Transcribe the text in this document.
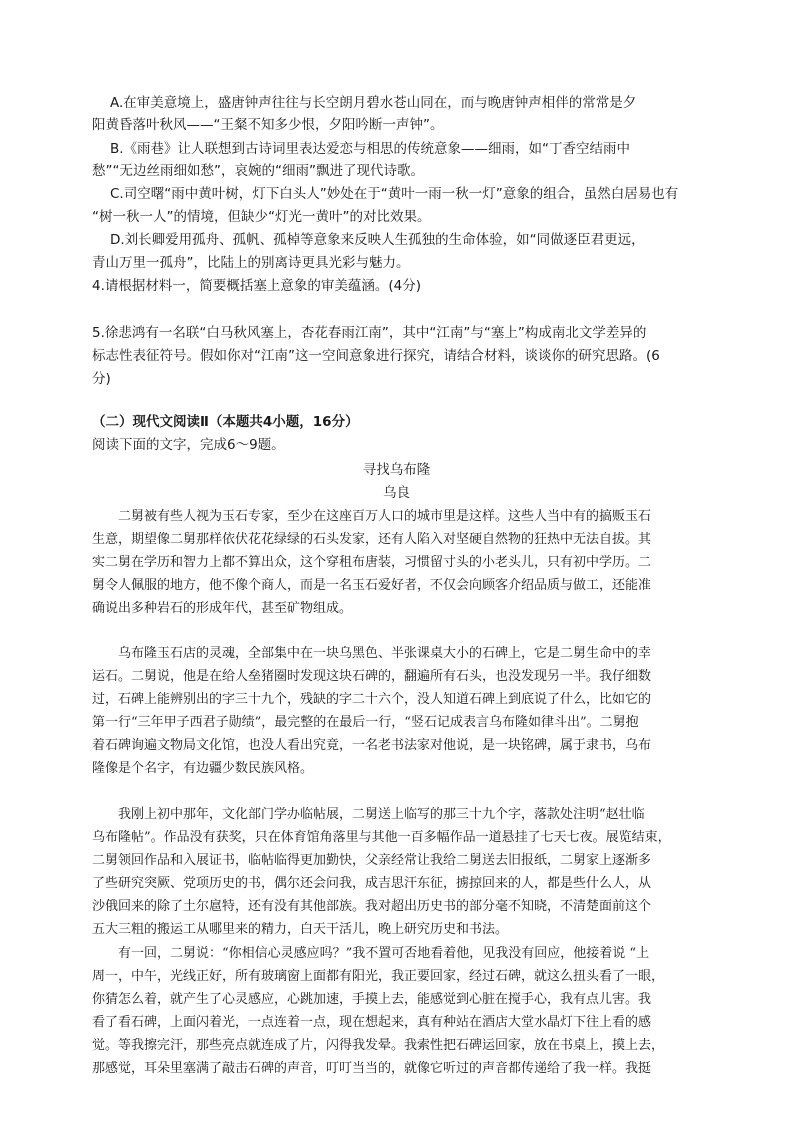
A.在审美意境上，盛唐钟声往往与长空朗月碧水苍山同在，而与晚唐钟声相伴的常常是夕
阳黄昏落叶秋风——“王粲不知多少恨，夕阳吟断一声钟”。
B.《雨巷》让人联想到古诗词里表达爱恋与相思的传统意象——细雨，如“丁香空结雨中
愁”“无边丝雨细如愁”，哀婉的“细雨”飘进了现代诗歌。
C.司空曙“雨中黄叶树，灯下白头人”妙处在于“黄叶一雨一秋一灯”意象的组合，虽然白居易也有
“树一秋一人”的情境，但缺少“灯光一黄叶”的对比效果。
D.刘长卿爱用孤舟、孤帆、孤棹等意象来反映人生孤独的生命体验，如“同做逐臣君更远，
青山万里一孤舟”，比陆上的别离诗更具光彩与魅力。
4.请根据材料一，简要概括塞上意象的审美蕴涵。(4分)
5.徐悲鸿有一名联“白马秋风塞上，杏花春雨江南”，其中“江南”与“塞上”构成南北文学差异的
标志性表征符号。假如你对“江南”这一空间意象进行探究，请结合材料，谈谈你的研究思路。(6
分)
（二）现代文阅读Ⅱ（本题共4小题，16分）
阅读下面的文字，完成6～9题。
寻找乌布隆
乌良
二舅被有些人视为玉石专家，至少在这座百万人口的城市里是这样。这些人当中有的搞贩玉石
生意，期望像二舅那样依伏花花绿绿的石头发家，还有人陷入对坚硬自然物的狂热中无法自拔。其
实二舅在学历和智力上都不算出众，这个穿租布唐装，习惯留寸头的小老头儿，只有初中学历。二
舅令人佩服的地方，他不像个商人，而是一名玉石爱好者，不仅会向顾客介绍品质与做工，还能准
确说出多种岩石的形成年代，甚至矿物组成。
乌布隆玉石店的灵魂，全部集中在一块乌黑色、半张课桌大小的石碑上，它是二舅生命中的幸
运石。二舅说，他是在给人垒猪圈时发现这块石碑的，翻遍所有石头，也没发现另一半。我仔细数
过，石碑上能辨别出的字三十九个，残缺的字二十六个，没人知道石碑上到底说了什么，比如它的
第一行“三年甲子西君子勋绩”，最完整的在最后一行，“竖石记成表言乌布隆如律斗出”。二舅抱
着石碑询遍文物局文化馆，也没人看出究竟，一名老书法家对他说，是一块铭碑，属于隶书，乌布
隆像是个名字，有边疆少数民族风格。
我刚上初中那年，文化部门学办临帖展，二舅送上临写的那三十九个字，落款处注明“赵壮临
乌布隆帖”。作品没有获奖，只在体育馆角落里与其他一百多幅作品一道悬挂了七天七夜。展览结束，
二舅领回作品和入展证书，临帖临得更加勤快，父亲经常让我给二舅送去旧报纸，二舅家上逐渐多
了些研究突厥、党项历史的书，偶尔还会问我，成吉思汗东征，掳掠回来的人，都是些什么人，从
沙俄回来的除了土尔扈特，还有没有其他部族。我对超出历史书的部分毫不知晓，不清楚面前这个
五大三粗的搬运工从哪里来的精力，白天干活儿，晚上研究历史和书法。
有一回，二舅说：“你相信心灵感应吗？”我不置可否地看着他，见我没有回应，他接着说 “上
周一，中午，光线正好，所有玻璃窗上面都有阳光，我正要回家，经过石碑，就这么扭头看了一眼，
你猜怎么着，就产生了心灵感应，心跳加速，手摸上去，能感觉到心脏在搅手心，我有点儿害。我
看了看石碑，上面闪着光，一点连着一点，现在想起来，真有种站在酒店大堂水晶灯下往上看的感
觉。等我擦完汗，那些亮点就连成了片，闪得我发晕。我索性把石碑运回家，放在书桌上，摸上去，
那感觉，耳朵里塞满了敲击石碑的声音，叮叮当当的，就像它听过的声音都传递给了我一样。我挺
